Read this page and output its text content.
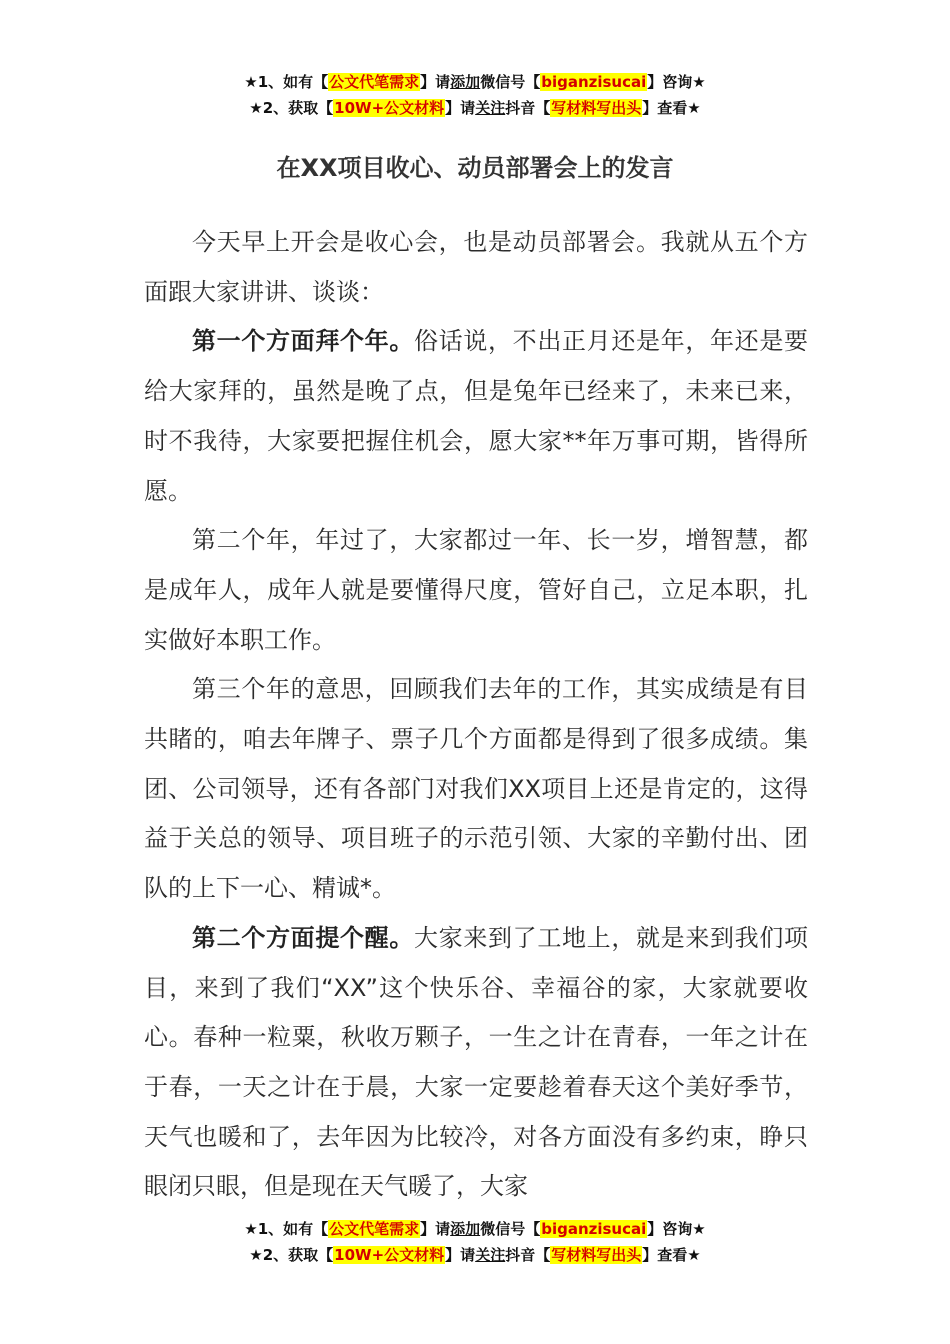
★1、如有【公文代笔需求】请添加微信号【biganzisucai】咨询★
★2、获取【10W+公文材料】请关注抖音【写材料写出头】查看★
在XX项目收心、动员部署会上的发言

今天早上开会是收心会，也是动员部署会。我就从五个方面跟大家讲讲、谈谈：

第一个方面拜个年。俗话说，不出正月还是年，年还是要给大家拜的，虽然是晚了点，但是兔年已经来了，未来已来，时不我待，大家要把握住机会，愿大家**年万事可期，皆得所愿。

第二个年，年过了，大家都过一年、长一岁，增智慧，都是成年人，成年人就是要懂得尺度，管好自己，立足本职，扎实做好本职工作。

第三个年的意思，回顾我们去年的工作，其实成绩是有目共睹的，咱去年牌子、票子几个方面都是得到了很多成绩。集团、公司领导，还有各部门对我们XX项目上还是肯定的，这得益于关总的领导、项目班子的示范引领、大家的辛勤付出、团队的上下一心、精诚*。

第二个方面提个醒。大家来到了工地上，就是来到我们项目，来到了我们“XX”这个快乐谷、幸福谷的家，大家就要收心。春种一粒粟，秋收万颗子，一生之计在青春，一年之计在于春，一天之计在于晨，大家一定要趁着春天这个美好季节，天气也暖和了，去年因为比较冷，对各方面没有多约束，睁只眼闭只眼，但是现在天气暖了，大家

★1、如有【公文代笔需求】请添加微信号【biganzisucai】咨询★
★2、获取【10W+公文材料】请关注抖音【写材料写出头】查看★
